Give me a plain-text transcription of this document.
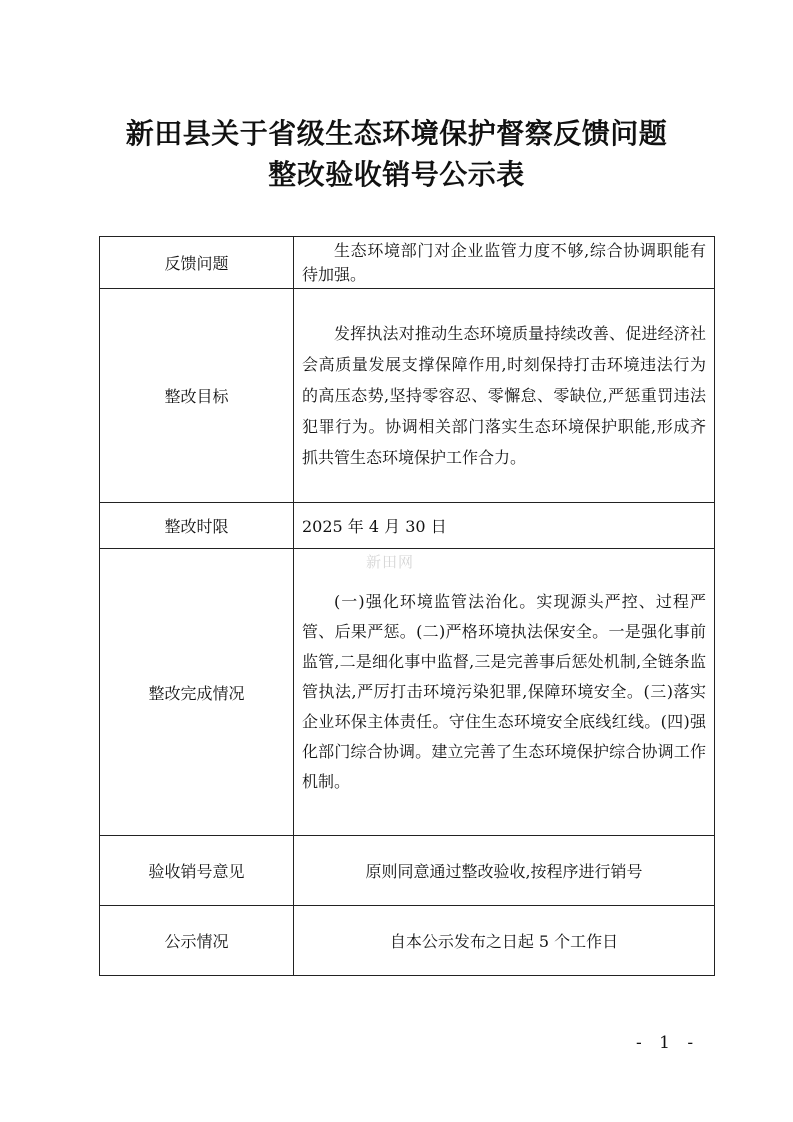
新田县关于省级生态环境保护督察反馈问题
整改验收销号公示表
反馈问题	生态环境部门对企业监管力度不够,综合协调职能有待加强。

整改目标	发挥执法对推动生态环境质量持续改善、促进经济社会高质量发展支撑保障作用,时刻保持打击环境违法行为的高压态势,坚持零容忍、零懈怠、零缺位,严惩重罚违法犯罪行为。协调相关部门落实生态环境保护职能,形成齐抓共管生态环境保护工作合力。

整改时限	2025 年 4 月 30 日
整改完成情况	(一)强化环境监管法治化。实现源头严控、过程严管、后果严惩。(二)严格环境执法保安全。一是强化事前监管,二是细化事中监督,三是完善事后惩处机制,全链条监管执法,严厉打击环境污染犯罪,保障环境安全。(三)落实企业环保主体责任。守住生态环境安全底线红线。(四)强化部门综合协调。建立完善了生态环境保护综合协调工作机制。

验收销号意见	原则同意通过整改验收,按程序进行销号
公示情况	自本公示发布之日起 5 个工作日
新田网
- 1 -
